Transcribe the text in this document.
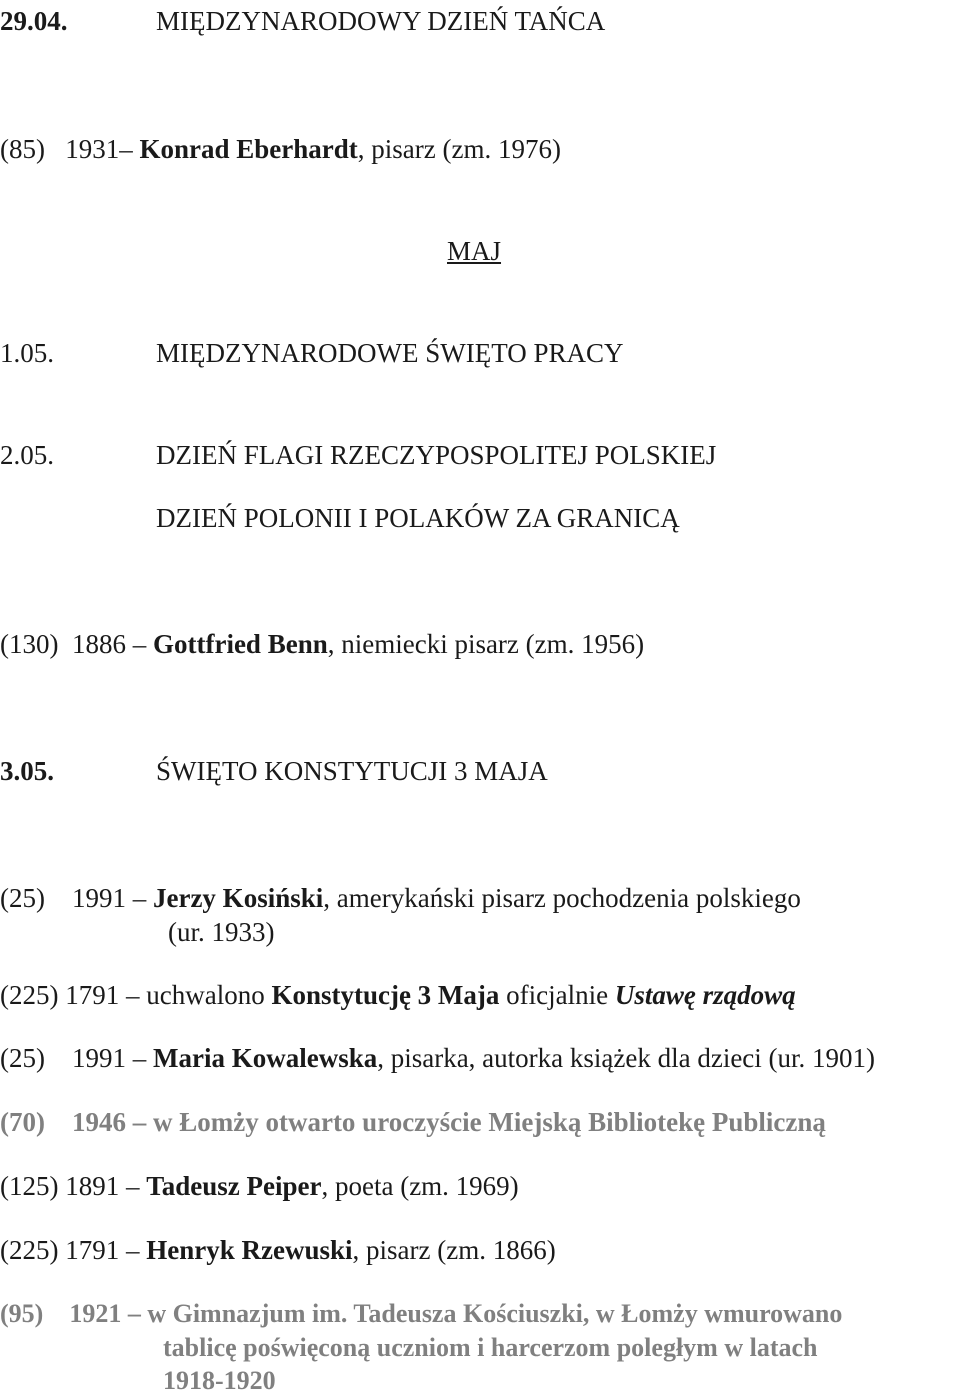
29.04.	MIĘDZYNARODOWY DZIEŃ TAŃCA
(85) 1931– Konrad Eberhardt, pisarz (zm. 1976)
MAJ
1.05.	MIĘDZYNARODOWE ŚWIĘTO PRACY
2.05.	DZIEŃ FLAGI RZECZYPOSPOLITEJ POLSKIEJ
DZIEŃ POLONII I POLAKÓW ZA GRANICĄ
(130) 1886 – Gottfried Benn, niemiecki pisarz (zm. 1956)
3.05.	ŚWIĘTO KONSTYTUCJI 3 MAJA
(25) 1991 – Jerzy Kosiński, amerykański pisarz pochodzenia polskiego
(ur. 1933)
(225) 1791 – uchwalono Konstytucję 3 Maja oficjalnie Ustawę rządową
(25) 1991 – Maria Kowalewska, pisarka, autorka książek dla dzieci (ur. 1901)
(70) 1946 – w Łomży otwarto uroczyście Miejską Bibliotekę Publiczną
(125) 1891 – Tadeusz Peiper, poeta (zm. 1969)
(225) 1791 – Henryk Rzewuski, pisarz (zm. 1866)
(95) 1921 – w Gimnazjum im. Tadeusza Kościuszki, w Łomży wmurowano
tablicę poświęconą uczniom i harcerzom poległym w latach
1918-1920
